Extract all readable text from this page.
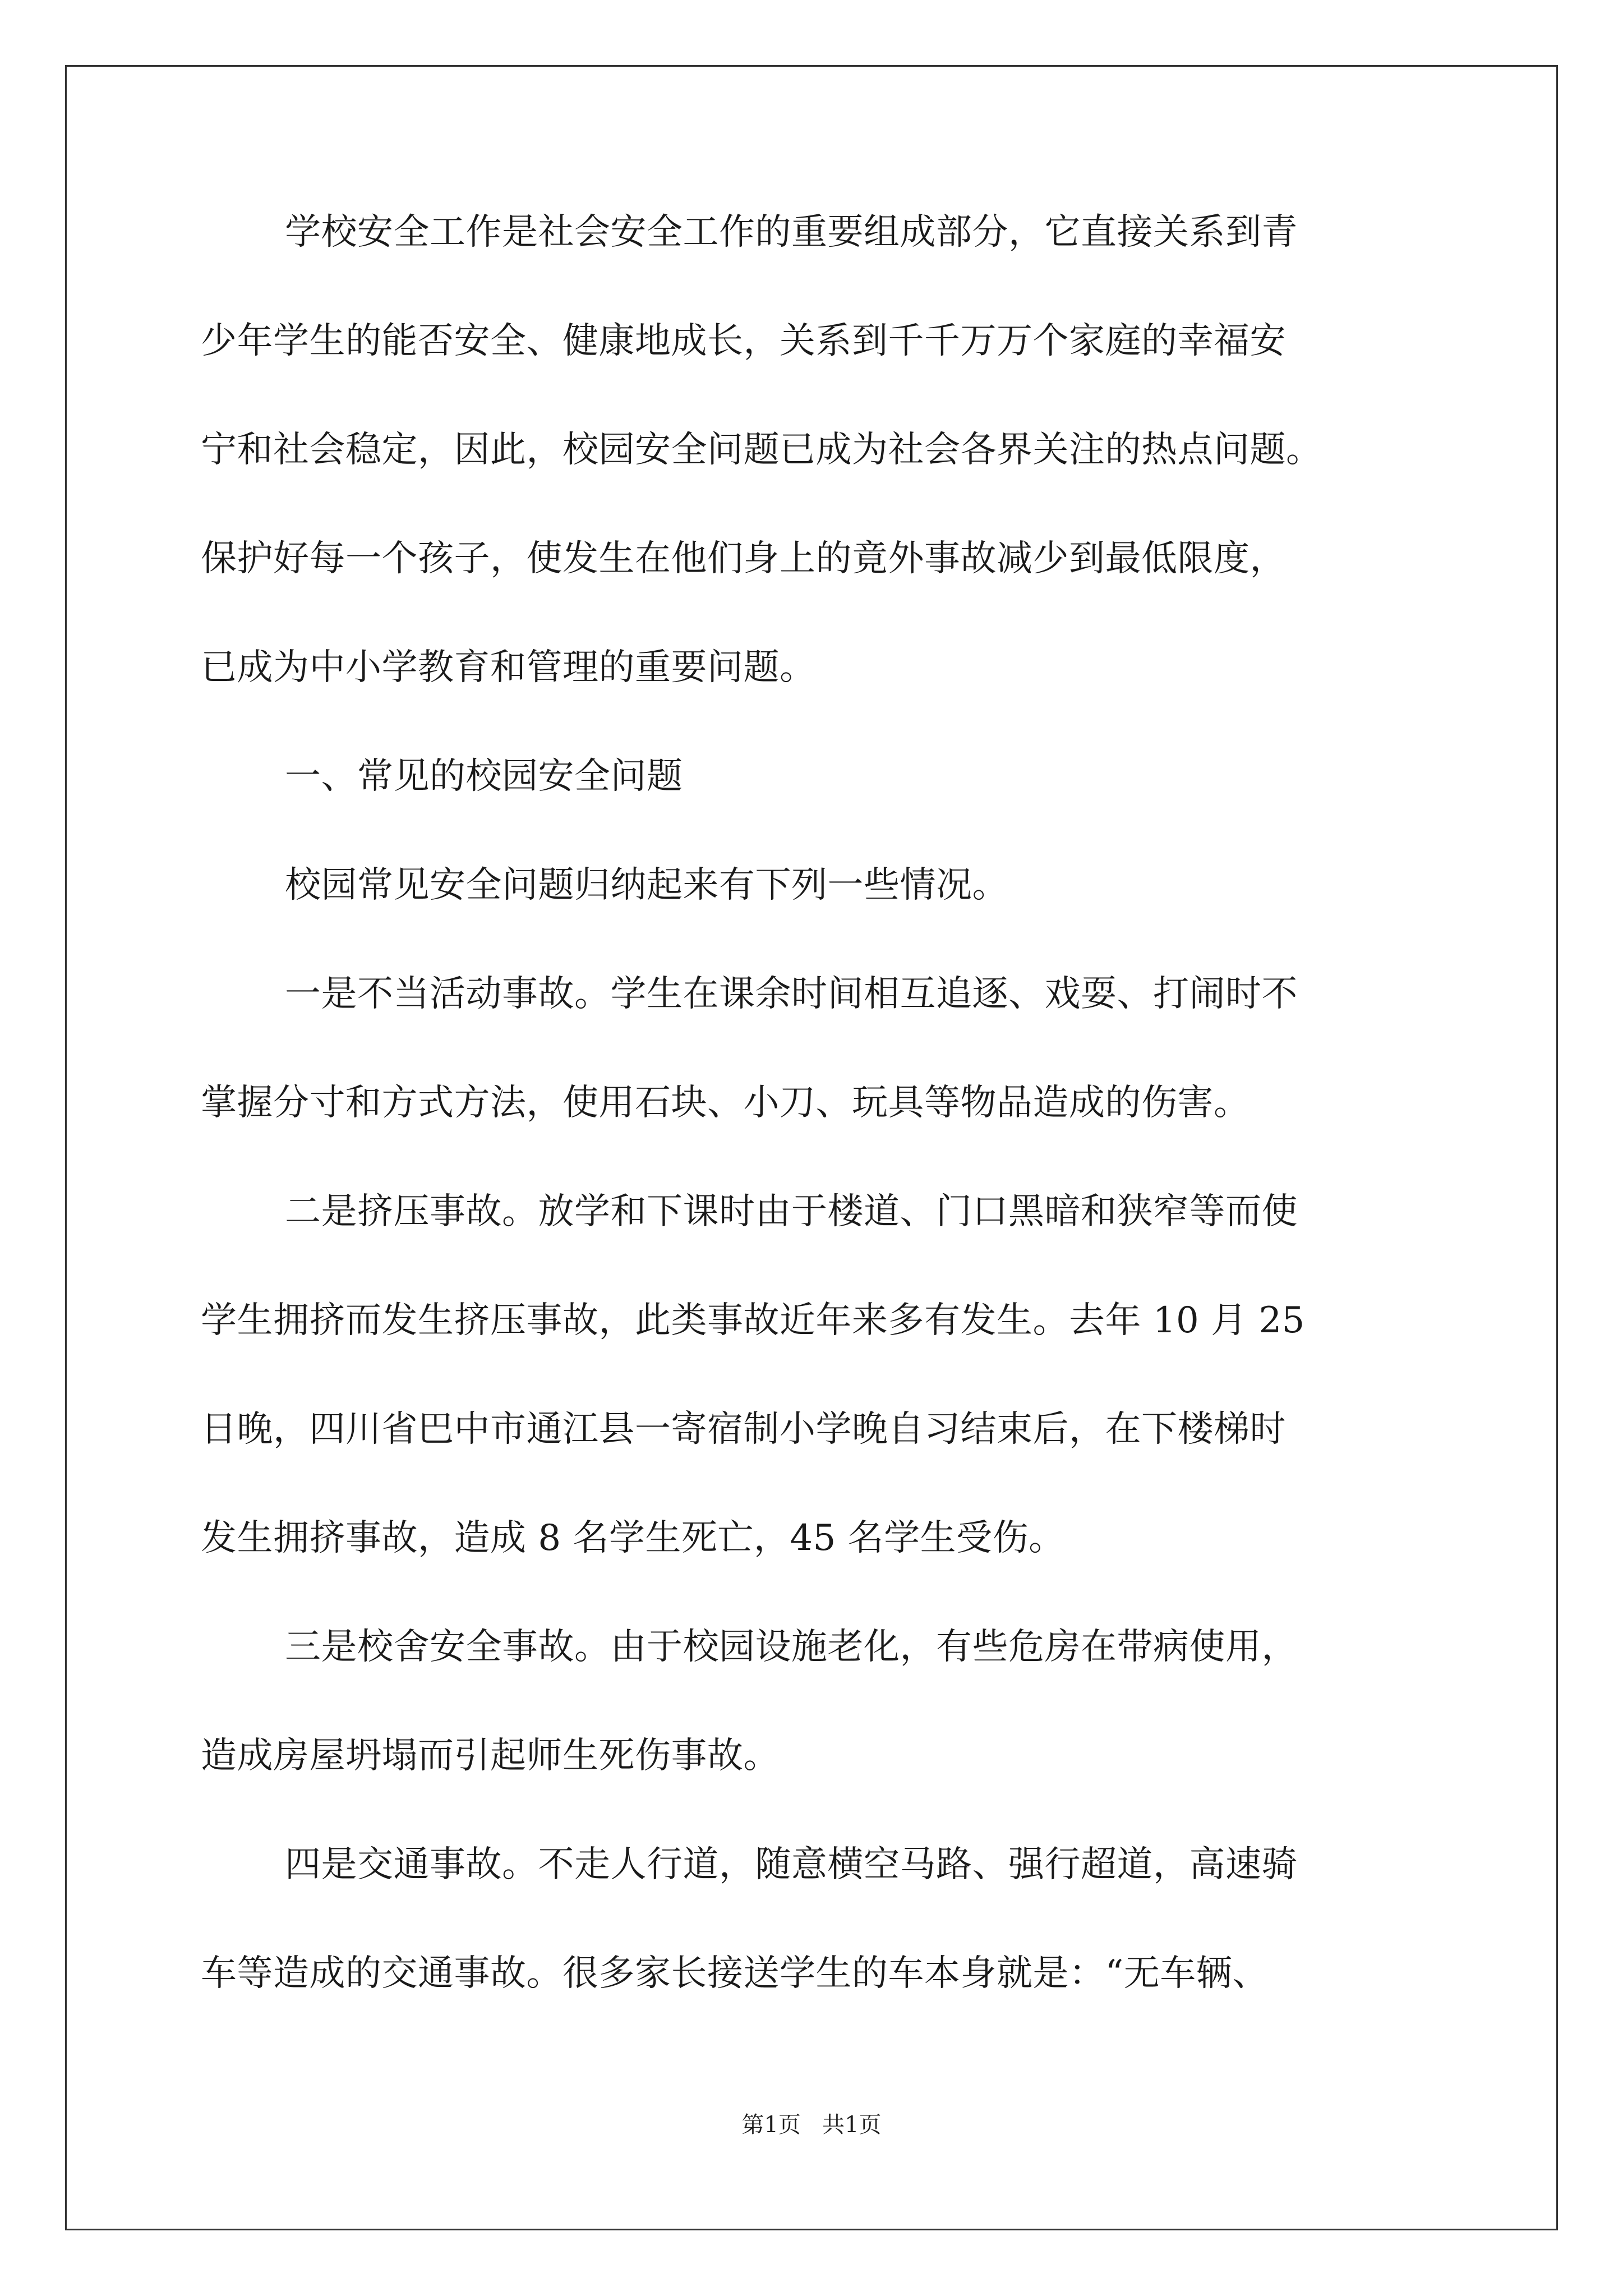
学校安全工作是社会安全工作的重要组成部分，它直接关系到青
少年学生的能否安全、健康地成长，关系到千千万万个家庭的幸福安
宁和社会稳定，因此，校园安全问题已成为社会各界关注的热点问题。
保护好每一个孩子，使发生在他们身上的竟外事故减少到最低限度，
已成为中小学教育和管理的重要问题。
一、常见的校园安全问题
校园常见安全问题归纳起来有下列一些情况。
一是不当活动事故。学生在课余时间相互追逐、戏耍、打闹时不
掌握分寸和方式方法，使用石块、小刀、玩具等物品造成的伤害。
二是挤压事故。放学和下课时由于楼道、门口黑暗和狭窄等而使
学生拥挤而发生挤压事故，此类事故近年来多有发生。去年 10 月 25
日晚，四川省巴中市通江县一寄宿制小学晚自习结束后，在下楼梯时
发生拥挤事故，造成 8 名学生死亡，45 名学生受伤。
三是校舍安全事故。由于校园设施老化，有些危房在带病使用，
造成房屋坍塌而引起师生死伤事故。
四是交通事故。不走人行道，随意横空马路、强行超道，高速骑
车等造成的交通事故。很多家长接送学生的车本身就是：“无车辆、
第1页   共1页
